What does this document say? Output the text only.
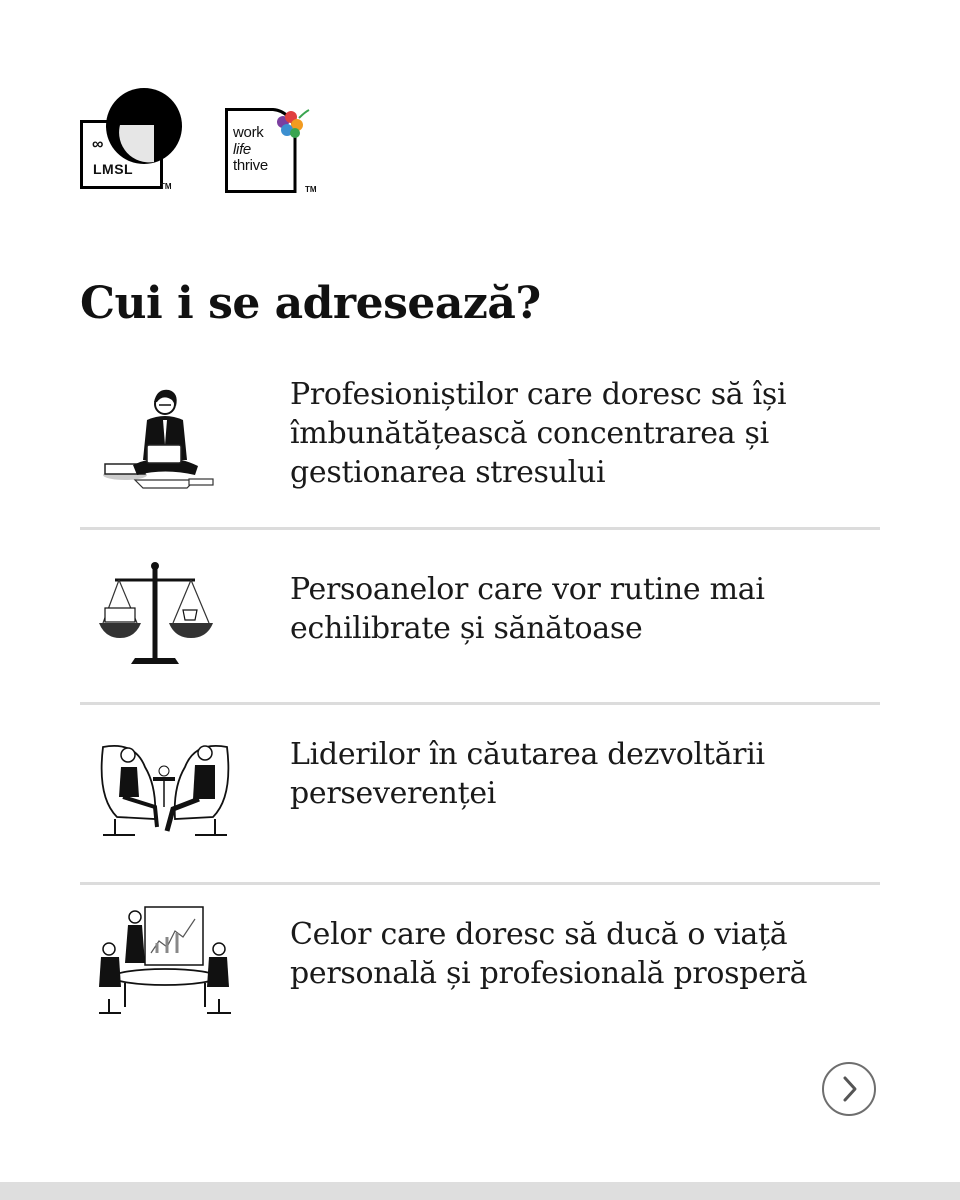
∞
LMSL
TM
work
life
thrive
TM
Cui i se adresează?

Profesioniștilor care doresc să își îmbunătățească concentrarea și gestionarea stresului

Persoanelor care vor rutine mai echilibrate și sănătoase

Liderilor în căutarea dezvoltării perseverenței

Celor care doresc să ducă o viață personală și profesională prosperă
